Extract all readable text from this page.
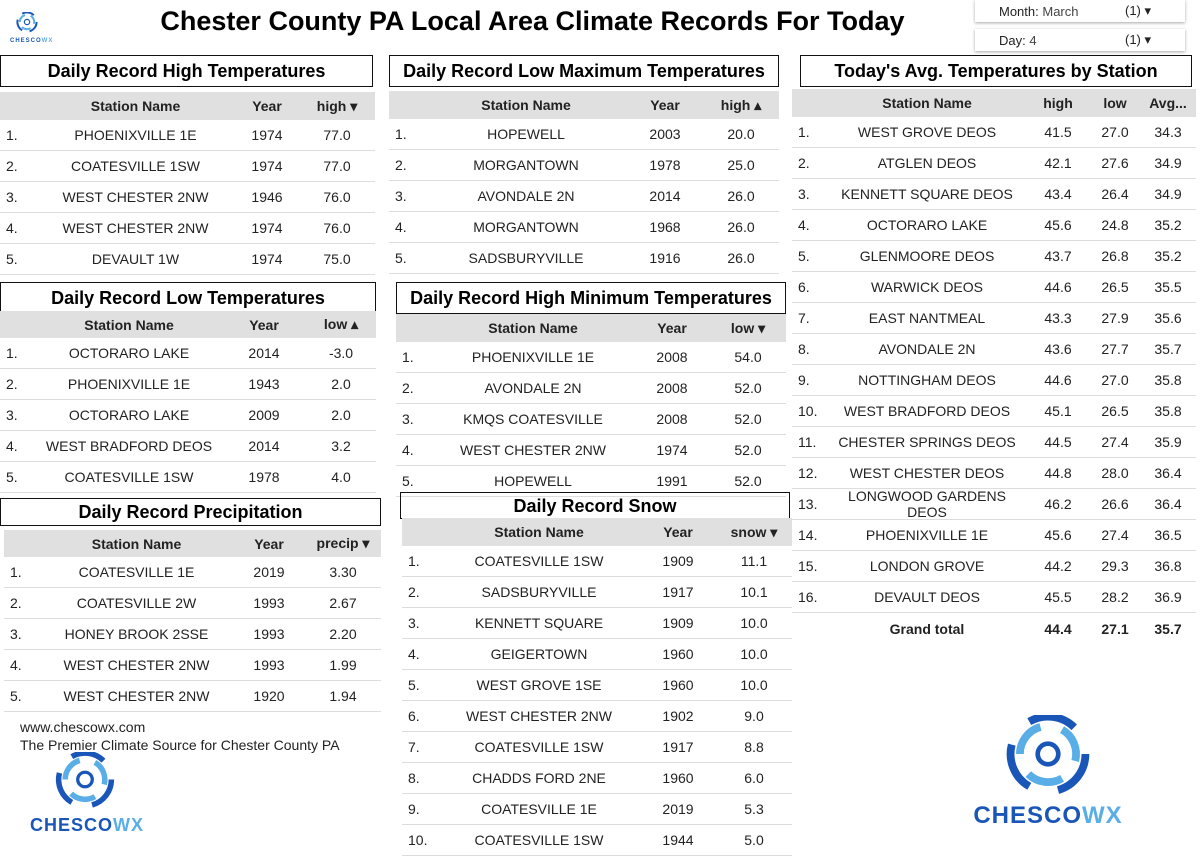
CHESCOWX
Chester County PA Local Area Climate Records For Today	Month: March	(1) ▾
Day: 4	(1) ▾
Daily Record High Temperatures
Station Name	Year	high ▾
1.	PHOENIXVILLE 1E	1974	77.0
2.	COATESVILLE 1SW	1974	77.0
3.	WEST CHESTER 2NW	1946	76.0
4.	WEST CHESTER 2NW	1974	76.0
5.	DEVAULT 1W	1974	75.0
Daily Record Low Maximum Temperatures
Station Name	Year	high ▴
1.	HOPEWELL	2003	20.0
2.	MORGANTOWN	1978	25.0
3.	AVONDALE 2N	2014	26.0
4.	MORGANTOWN	1968	26.0
5.	SADSBURYVILLE	1916	26.0
Daily Record Low Temperatures
Station Name	Year	low ▴
1.	OCTORARO LAKE	2014	-3.0
2.	PHOENIXVILLE 1E	1943	2.0
3.	OCTORARO LAKE	2009	2.0
4.	WEST BRADFORD DEOS	2014	3.2
5.	COATESVILLE 1SW	1978	4.0
Daily Record High Minimum Temperatures
Station Name	Year	low ▾
1.	PHOENIXVILLE 1E	2008	54.0
2.	AVONDALE 2N	2008	52.0
3.	KMQS COATESVILLE	2008	52.0
4.	WEST CHESTER 2NW	1974	52.0
5.	HOPEWELL	1991	52.0
Daily Record Precipitation
Station Name	Year	precip ▾
1.	COATESVILLE 1E	2019	3.30
2.	COATESVILLE 2W	1993	2.67
3.	HONEY BROOK 2SSE	1993	2.20
4.	WEST CHESTER 2NW	1993	1.99
5.	WEST CHESTER 2NW	1920	1.94
Daily Record Snow
Station Name	Year	snow ▾
1.	COATESVILLE 1SW	1909	11.1
2.	SADSBURYVILLE	1917	10.1
3.	KENNETT SQUARE	1909	10.0
4.	GEIGERTOWN	1960	10.0
5.	WEST GROVE 1SE	1960	10.0
6.	WEST CHESTER 2NW	1902	9.0
7.	COATESVILLE 1SW	1917	8.8
8.	CHADDS FORD 2NE	1960	6.0
9.	COATESVILLE 1E	2019	5.3
10.	COATESVILLE 1SW	1944	5.0
Today's Avg. Temperatures by Station
Station Name	high	low	Avg...
1.	WEST GROVE DEOS	41.5	27.0	34.3
2.	ATGLEN DEOS	42.1	27.6	34.9
3.	KENNETT SQUARE DEOS	43.4	26.4	34.9
4.	OCTORARO LAKE	45.6	24.8	35.2
5.	GLENMOORE DEOS	43.7	26.8	35.2
6.	WARWICK DEOS	44.6	26.5	35.5
7.	EAST NANTMEAL	43.3	27.9	35.6
8.	AVONDALE 2N	43.6	27.7	35.7
9.	NOTTINGHAM DEOS	44.6	27.0	35.8
10.	WEST BRADFORD DEOS	45.1	26.5	35.8
11.	CHESTER SPRINGS DEOS	44.5	27.4	35.9
12.	WEST CHESTER DEOS	44.8	28.0	36.4
13.	LONGWOOD GARDENS DEOS	46.2	26.6	36.4
14.	PHOENIXVILLE 1E	45.6	27.4	36.5
15.	LONDON GROVE	44.2	29.3	36.8
16.	DEVAULT DEOS	45.5	28.2	36.9
Grand total	44.4	27.1	35.7
www.chescowx.com
The Premier Climate Source for Chester County PA
CHESCOWX	CHESCOWX
